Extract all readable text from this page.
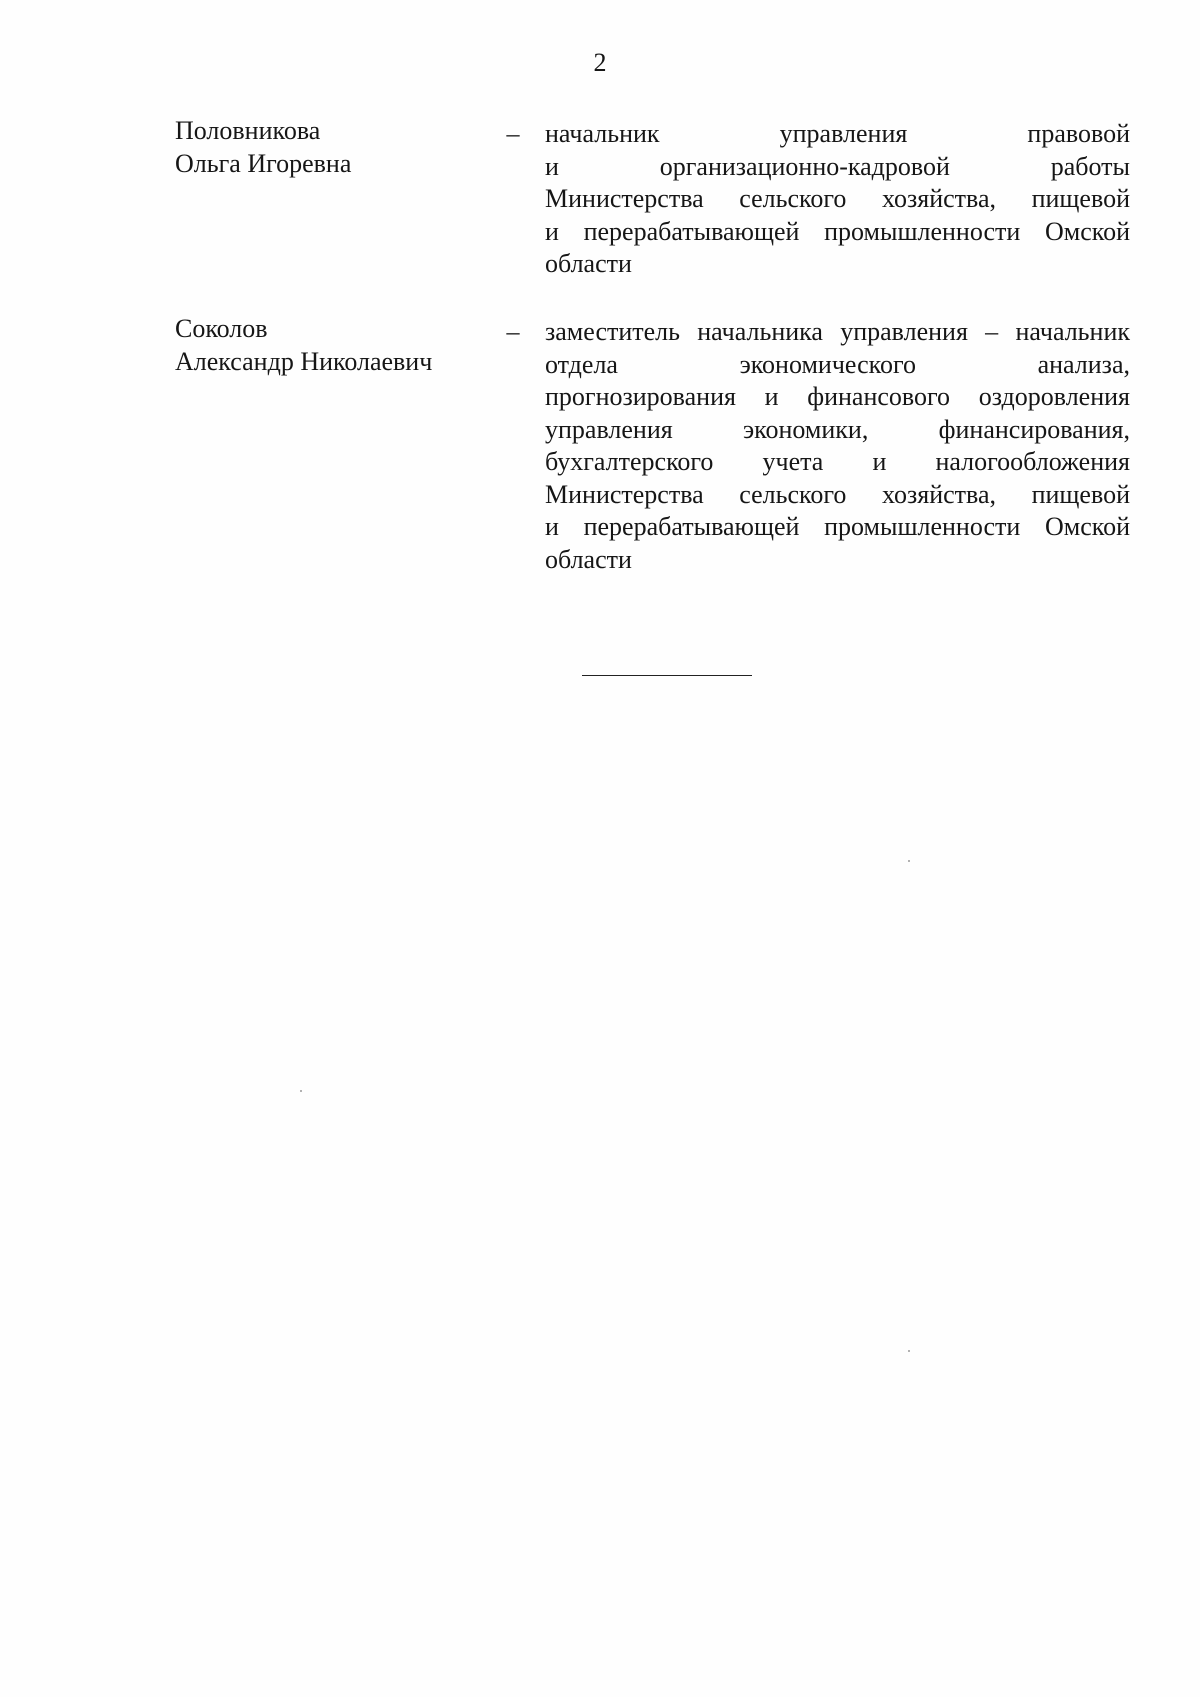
2
Половникова
Ольга Игоревна
– начальник управления правовой
и организационно-кадровой работы
Министерства сельского хозяйства, пищевой
и перерабатывающей промышленности Омской
области
Соколов
Александр Николаевич
– заместитель начальника управления – начальник
отдела экономического анализа,
прогнозирования и финансового оздоровления
управления экономики, финансирования,
бухгалтерского учета и налогообложения
Министерства сельского хозяйства, пищевой
и перерабатывающей промышленности Омской
области
